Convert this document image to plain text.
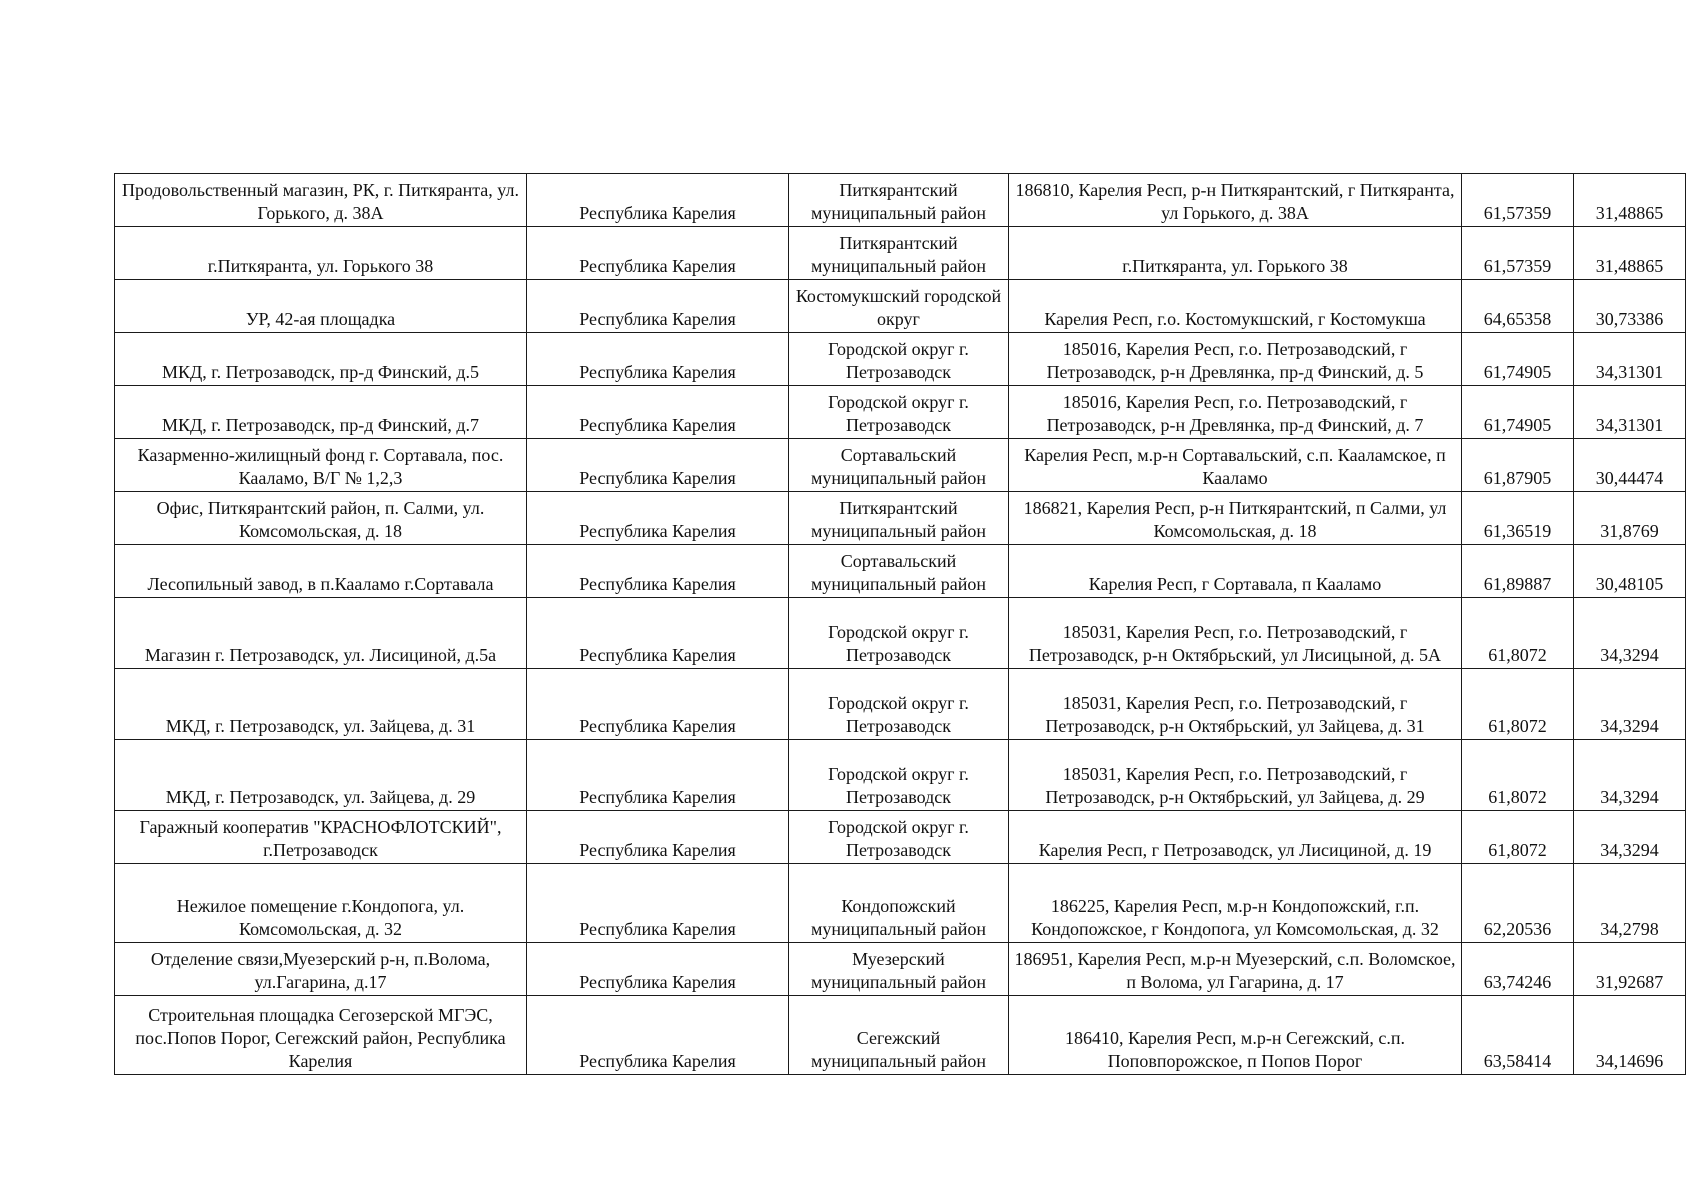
Продовольственный магазин, РК, г. Питкяранта, ул. Горького, д. 38А	Республика Карелия	Питкярантский муниципальный район	186810, Карелия Респ, р-н Питкярантский, г Питкяранта, ул Горького, д. 38А	61,57359	31,48865
г.Питкяранта, ул. Горького 38	Республика Карелия	Питкярантский муниципальный район	г.Питкяранта, ул. Горького 38	61,57359	31,48865
УР, 42-ая площадка	Республика Карелия	Костомукшский городской округ	Карелия Респ, г.о. Костомукшский, г Костомукша	64,65358	30,73386
МКД, г. Петрозаводск, пр-д Финский, д.5	Республика Карелия	Городской округ г. Петрозаводск	185016, Карелия Респ, г.о. Петрозаводский, г Петрозаводск, р-н Древлянка, пр-д Финский, д. 5	61,74905	34,31301
МКД, г. Петрозаводск, пр-д Финский, д.7	Республика Карелия	Городской округ г. Петрозаводск	185016, Карелия Респ, г.о. Петрозаводский, г Петрозаводск, р-н Древлянка, пр-д Финский, д. 7	61,74905	34,31301
Казарменно-жилищный фонд г. Сортавала, пос. Кааламо, В/Г № 1,2,3	Республика Карелия	Сортавальский муниципальный район	Карелия Респ, м.р-н Сортавальский, с.п. Кааламское, п Кааламо	61,87905	30,44474
Офис, Питкярантский район, п. Салми, ул. Комсомольская, д. 18	Республика Карелия	Питкярантский муниципальный район	186821, Карелия Респ, р-н Питкярантский, п Салми, ул Комсомольская, д. 18	61,36519	31,8769
Лесопильный завод, в п.Кааламо г.Сортавала	Республика Карелия	Сортавальский муниципальный район	Карелия Респ, г Сортавала, п Кааламо	61,89887	30,48105
Магазин г. Петрозаводск, ул. Лисициной, д.5а	Республика Карелия	Городской округ г. Петрозаводск	185031, Карелия Респ, г.о. Петрозаводский, г Петрозаводск, р-н Октябрьский, ул Лисицыной, д. 5А	61,8072	34,3294
МКД, г. Петрозаводск, ул. Зайцева, д. 31	Республика Карелия	Городской округ г. Петрозаводск	185031, Карелия Респ, г.о. Петрозаводский, г Петрозаводск, р-н Октябрьский, ул Зайцева, д. 31	61,8072	34,3294
МКД, г. Петрозаводск, ул. Зайцева, д. 29	Республика Карелия	Городской округ г. Петрозаводск	185031, Карелия Респ, г.о. Петрозаводский, г Петрозаводск, р-н Октябрьский, ул Зайцева, д. 29	61,8072	34,3294
Гаражный кооператив "КРАСНОФЛОТСКИЙ", г.Петрозаводск	Республика Карелия	Городской округ г. Петрозаводск	Карелия Респ, г Петрозаводск, ул Лисициной, д. 19	61,8072	34,3294
Нежилое помещение г.Кондопога, ул. Комсомольская, д. 32	Республика Карелия	Кондопожский муниципальный район	186225, Карелия Респ, м.р-н Кондопожский, г.п. Кондопожское, г Кондопога, ул Комсомольская, д. 32	62,20536	34,2798
Отделение связи,Муезерский р-н, п.Волома, ул.Гагарина, д.17	Республика Карелия	Муезерский муниципальный район	186951, Карелия Респ, м.р-н Муезерский, с.п. Воломское, п Волома, ул Гагарина, д. 17	63,74246	31,92687
Строительная площадка Сегозерской МГЭС, пос.Попов Порог, Сегежский район, Республика Карелия	Республика Карелия	Сегежский муниципальный район	186410, Карелия Респ, м.р-н Сегежский, с.п. Поповпорожское, п Попов Порог	63,58414	34,14696
